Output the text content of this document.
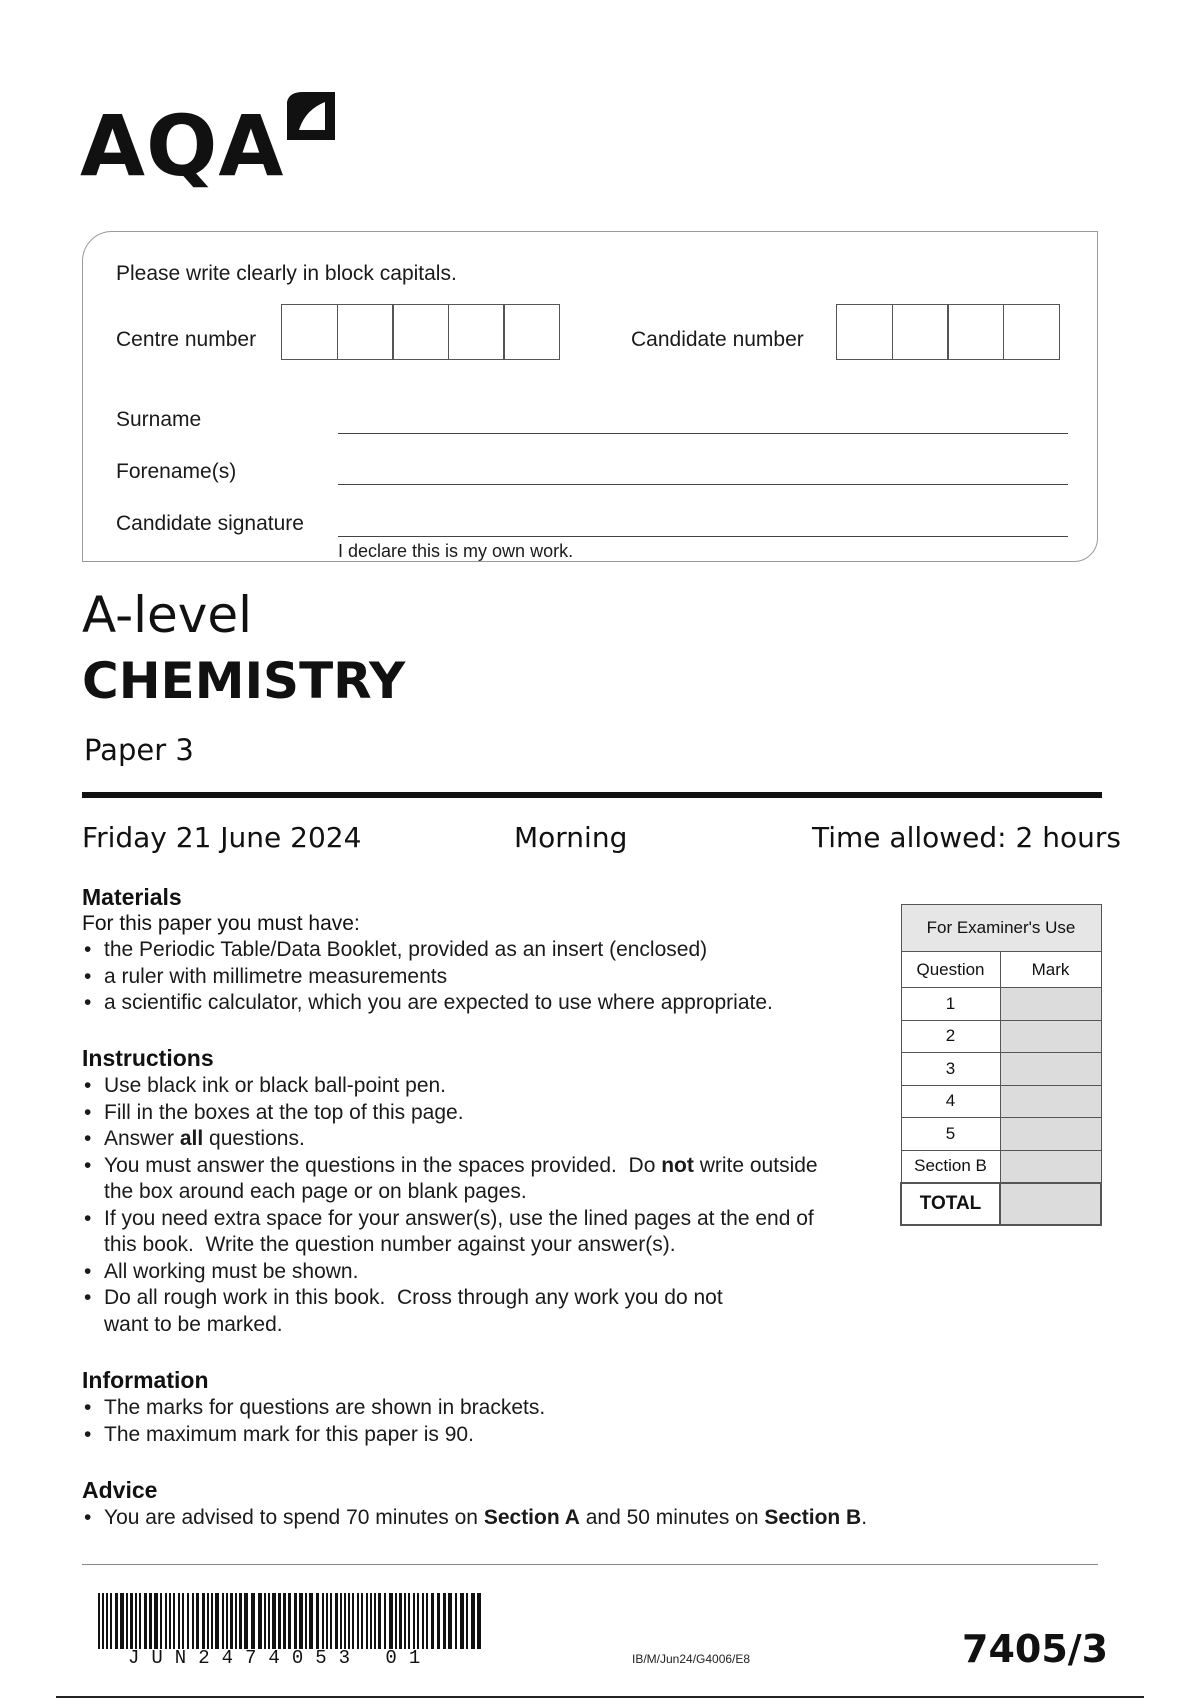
AQA
Please write clearly in block capitals.
Centre number	Candidate number
Surname
Forename(s)
Candidate signature
I declare this is my own work.
A-level
CHEMISTRY
Paper 3
Friday 21 June 2024	Morning	Time allowed: 2 hours
Materials
For this paper you must have:
• the Periodic Table/Data Booklet, provided as an insert (enclosed)
• a ruler with millimetre measurements
• a scientific calculator, which you are expected to use where appropriate.
Instructions
• Use black ink or black ball-point pen.
• Fill in the boxes at the top of this page.
• Answer all questions.
• You must answer the questions in the spaces provided.  Do not write outside
the box around each page or on blank pages.
• If you need extra space for your answer(s), use the lined pages at the end of
this book.  Write the question number against your answer(s).
• All working must be shown.
• Do all rough work in this book.  Cross through any work you do not
want to be marked.
Information
• The marks for questions are shown in brackets.
• The maximum mark for this paper is 90.
Advice
• You are advised to spend 70 minutes on Section A and 50 minutes on Section B.
For Examiner's Use	
Question	Mark
1	
2	
3	
4	
5	
Section B	
TOTAL	
JUN2474053 01	IB/M/Jun24/G4006/E8	7405/3
